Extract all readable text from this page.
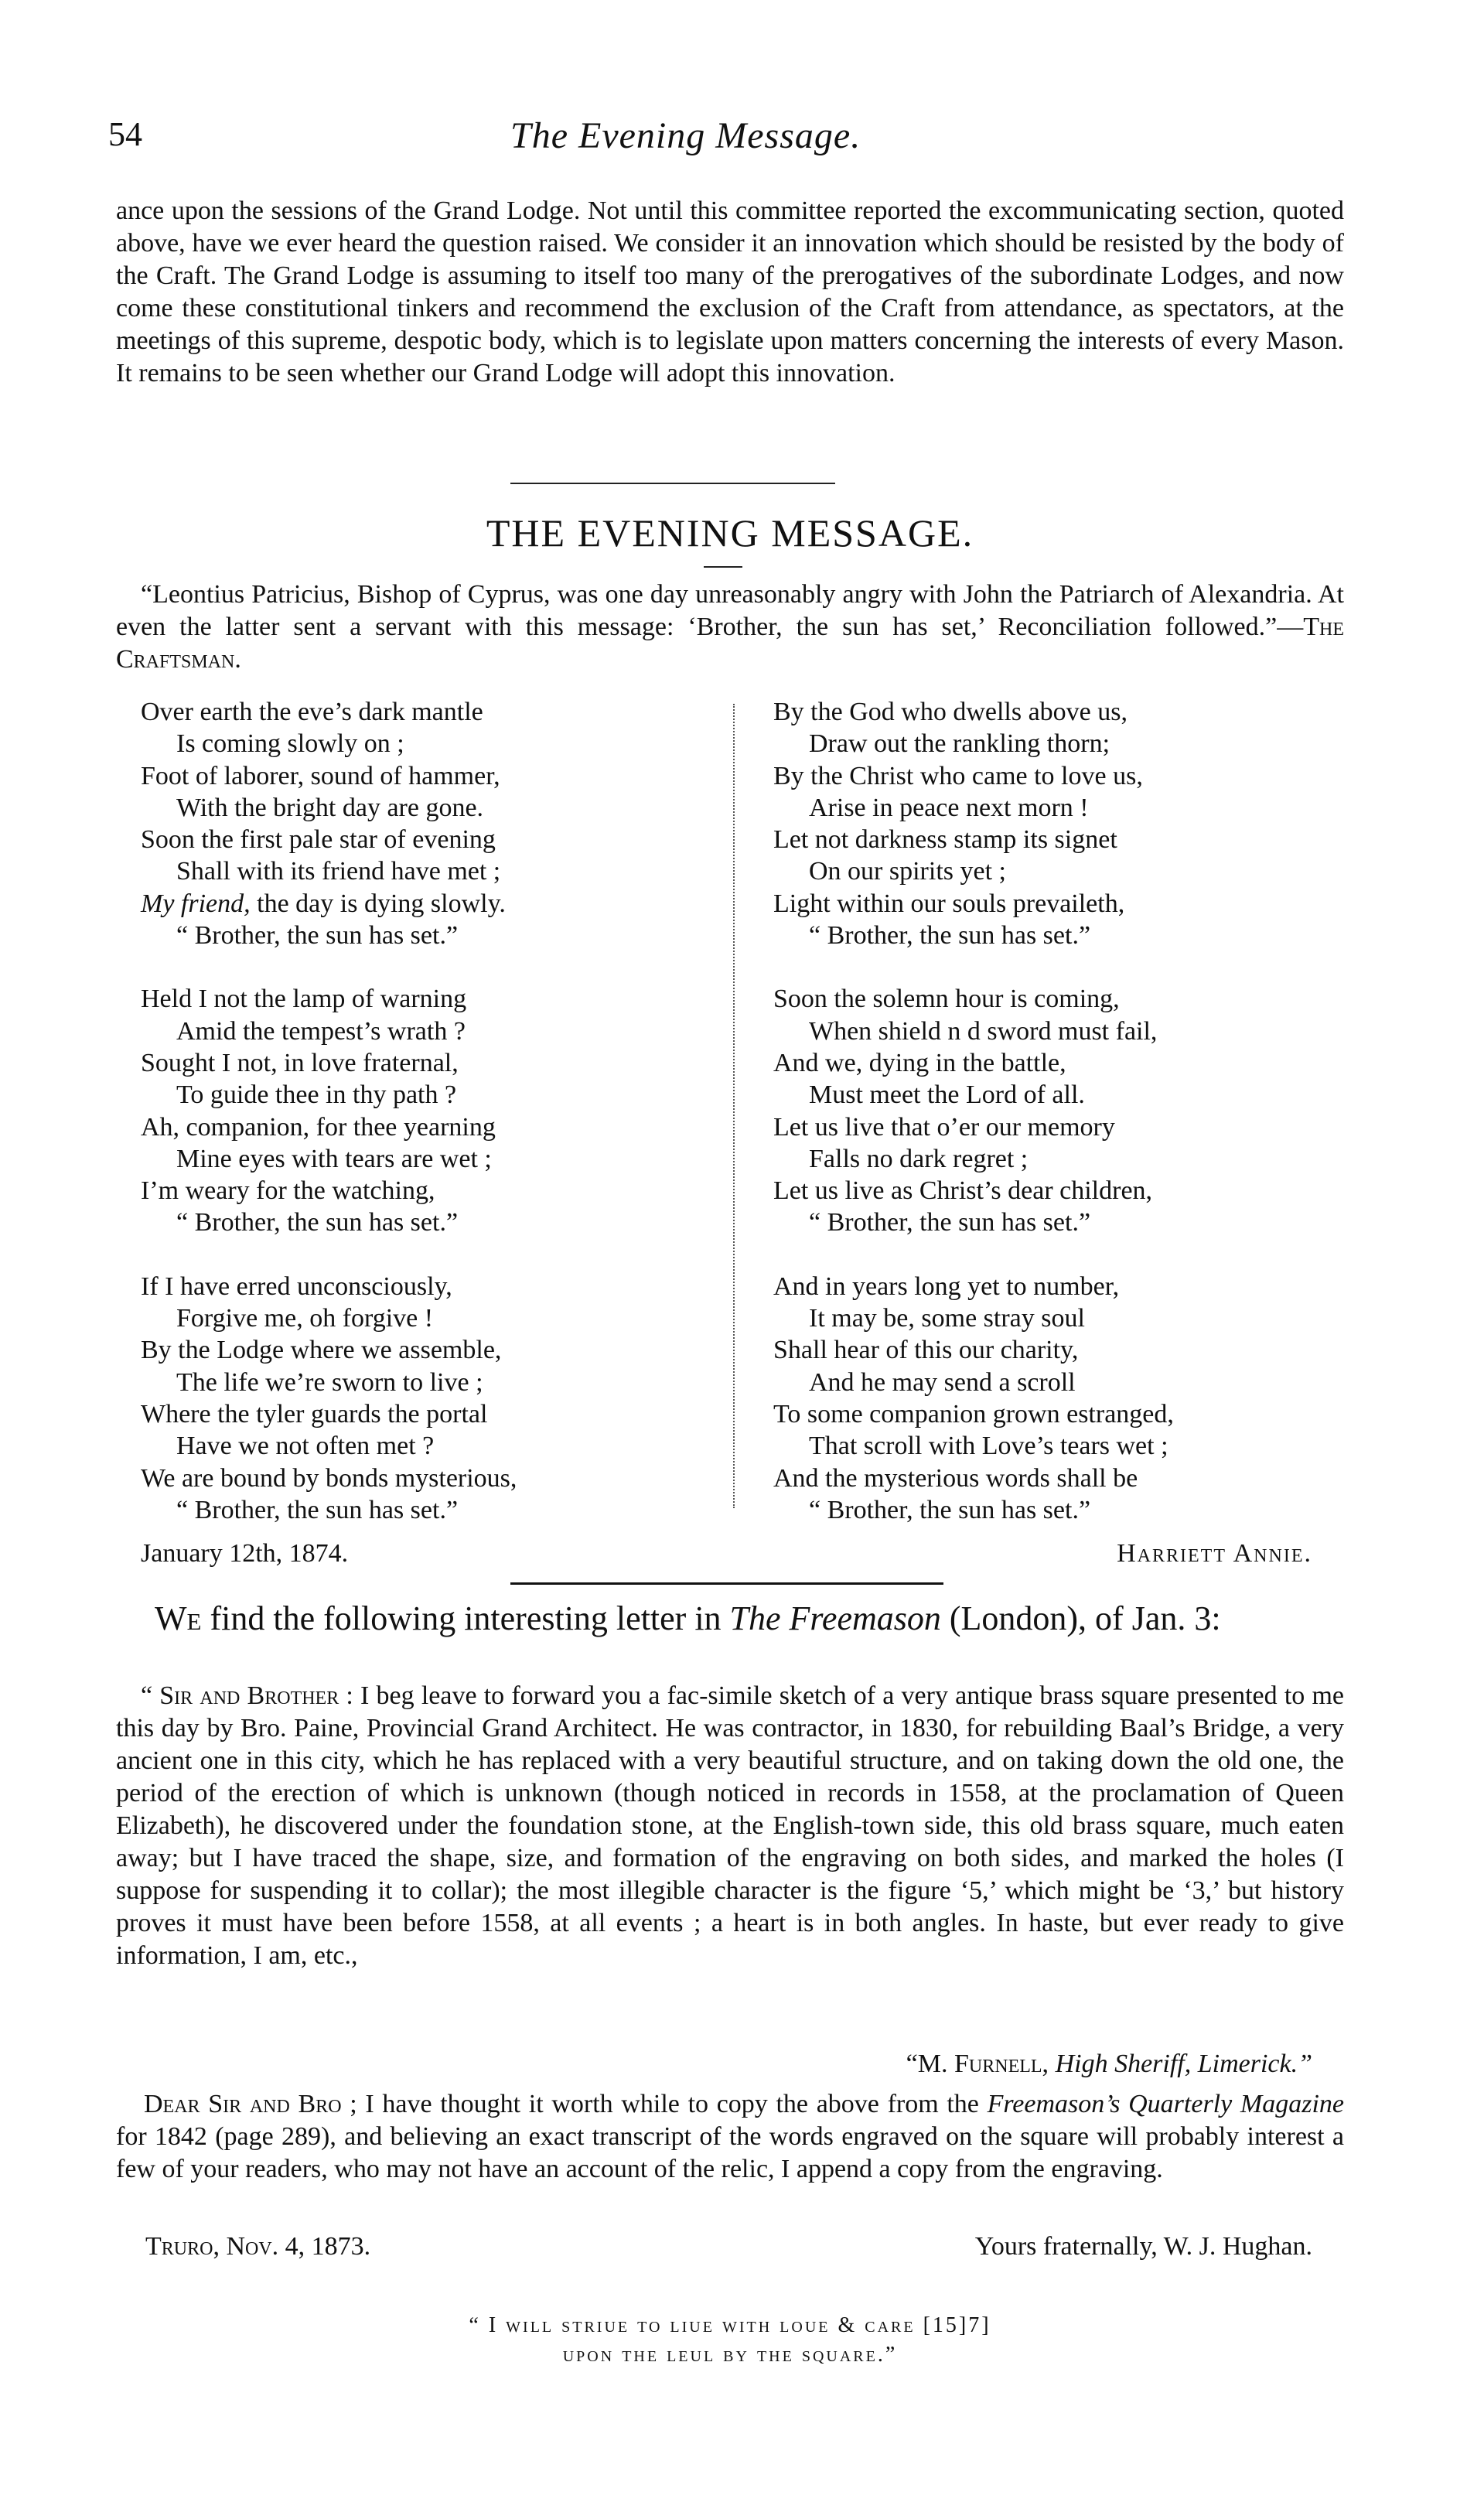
54	The Evening Message.

ance upon the sessions of the Grand Lodge. Not until this committee reported the excommunicating section, quoted above, have we ever heard the question raised. We consider it an innovation which should be resisted by the body of the Craft. The Grand Lodge is assuming to itself too many of the prerogatives of the subordinate Lodges, and now come these constitutional tinkers and recommend the exclusion of the Craft from attendance, as spectators, at the meetings of this supreme, despotic body, which is to legislate upon matters concerning the interests of every Mason. It remains to be seen whether our Grand Lodge will adopt this innovation.

THE EVENING MESSAGE.

“Leontius Patricius, Bishop of Cyprus, was one day unreasonably angry with John the Patriarch of Alexandria. At even the latter sent a servant with this message: ‘Brother, the sun has set,’ Reconciliation followed.”—The Craftsman.

Over earth the eve’s dark mantle
Is coming slowly on ;
Foot of laborer, sound of hammer,
With the bright day are gone.
Soon the first pale star of evening
Shall with its friend have met ;
My friend, the day is dying slowly.
“ Brother, the sun has set.”
Held I not the lamp of warning
Amid the tempest’s wrath ?
Sought I not, in love fraternal,
To guide thee in thy path ?
Ah, companion, for thee yearning
Mine eyes with tears are wet ;
I’m weary for the watching,
“ Brother, the sun has set.”
If I have erred unconsciously,
Forgive me, oh forgive !
By the Lodge where we assemble,
The life we’re sworn to live ;
Where the tyler guards the portal
Have we not often met ?
We are bound by bonds mysterious,
“ Brother, the sun has set.”
By the God who dwells above us,
Draw out the rankling thorn;
By the Christ who came to love us,
Arise in peace next morn !
Let not darkness stamp its signet
On our spirits yet ;
Light within our souls prevaileth,
“ Brother, the sun has set.”
Soon the solemn hour is coming,
When shield n d sword must fail,
And we, dying in the battle,
Must meet the Lord of all.
Let us live that o’er our memory
Falls no dark regret ;
Let us live as Christ’s dear children,
“ Brother, the sun has set.”
And in years long yet to number,
It may be, some stray soul
Shall hear of this our charity,
And he may send a scroll
To some companion grown estranged,
That scroll with Love’s tears wet ;
And the mysterious words shall be
“ Brother, the sun has set.”
January 12th, 1874.	Harriett Annie.
We find the following interesting letter in The Freemason (London), of Jan. 3:

“ Sir and Brother : I beg leave to forward you a fac-simile sketch of a very antique brass square presented to me this day by Bro. Paine, Provincial Grand Architect. He was contractor, in 1830, for rebuilding Baal’s Bridge, a very ancient one in this city, which he has replaced with a very beautiful structure, and on taking down the old one, the period of the erection of which is unknown (though noticed in records in 1558, at the proclamation of Queen Elizabeth), he discovered under the foundation stone, at the English-town side, this old brass square, much eaten away; but I have traced the shape, size, and formation of the engraving on both sides, and marked the holes (I suppose for suspending it to collar); the most illegible character is the figure ‘5,’ which might be ‘3,’ but history proves it must have been before 1558, at all events ; a heart is in both angles. In haste, but ever ready to give information, I am, etc.,

“M. Furnell, High Sheriff, Limerick.”

Dear Sir and Bro ; I have thought it worth while to copy the above from the Freemason’s Quarterly Magazine for 1842 (page 289), and believing an exact transcript of the words engraved on the square will probably interest a few of your readers, who may not have an account of the relic, I append a copy from the engraving.

Truro, Nov. 4, 1873.	Yours fraternally, W. J. Hughan.
“ I will striue to liue with loue & care [15]7]
upon the leul by the square.”
